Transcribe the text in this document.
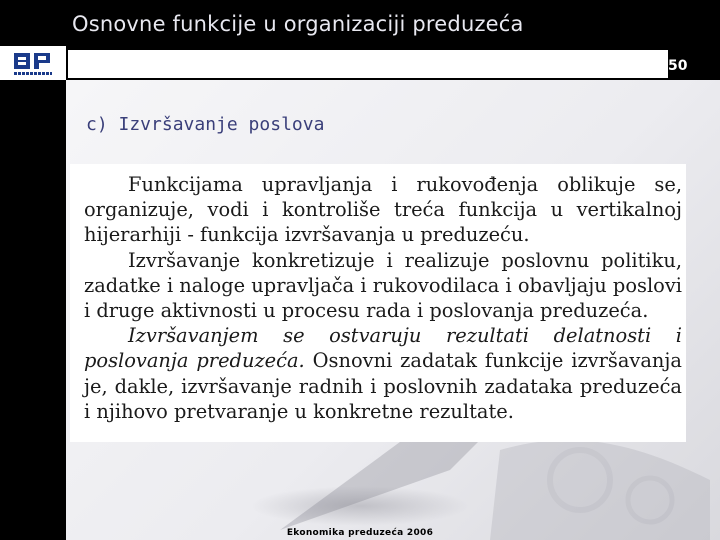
Osnovne funkcije u organizaciji preduzeća
50
c) Izvršavanje poslova

Funkcijama upravljanja i rukovođenja oblikuje se, organizuje, vodi i kontroliše treća funkcija u vertikalnoj hijerarhiji - funkcija izvršavanja u preduzeću.

Izvršavanje konkretizuje i realizuje poslovnu politiku, zadatke i naloge upravljača i rukovodilaca i obavljaju poslovi i druge aktivnosti u procesu rada i poslovanja preduzeća.

Izvršavanjem se ostvaruju rezultati delatnosti i poslovanja preduzeća. Osnovni zadatak funkcije izvršavanja je, dakle, izvršavanje radnih i poslovnih zadataka preduzeća i njihovo pretvaranje u konkretne rezultate.

Ekonomika preduzeća 2006
